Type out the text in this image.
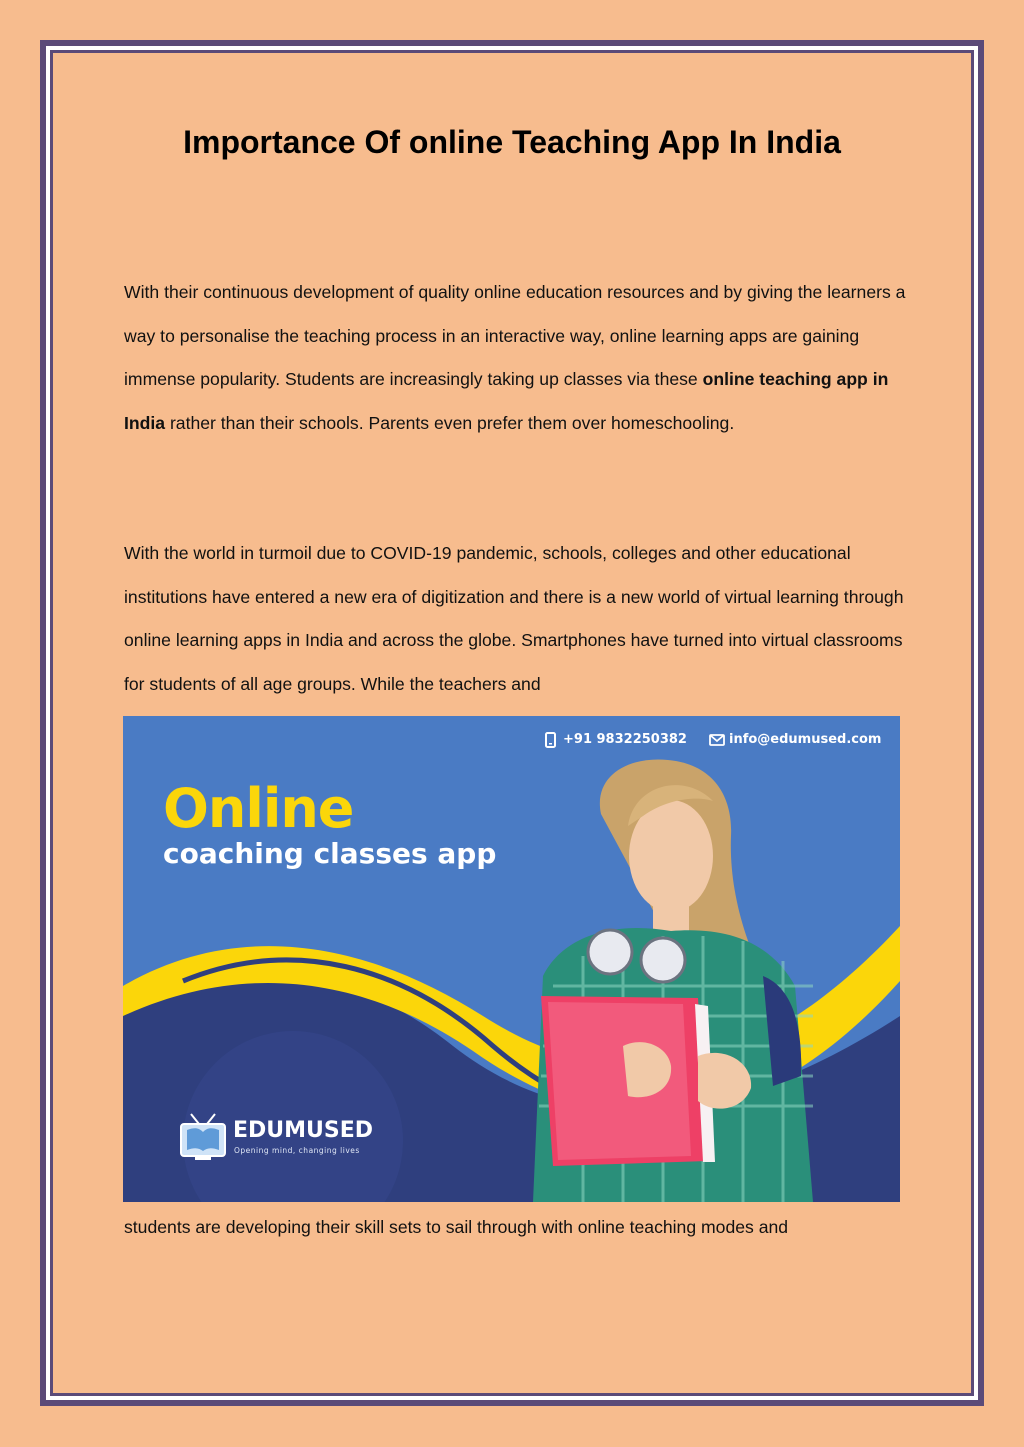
Importance Of online Teaching App In India

With their continuous development of quality online education resources and by giving the learners a way to personalise the teaching process in an interactive way, online learning apps are gaining immense popularity. Students are increasingly taking up classes via these online teaching app in India rather than their schools. Parents even prefer them over homeschooling.

With the world in turmoil due to COVID-19 pandemic, schools, colleges and other educational institutions have entered a new era of digitization and there is a new world of virtual learning through online learning apps in India and across the globe. Smartphones have turned into virtual classrooms for students of all age groups. While the teachers and

+91 9832250382	info@edumused.com
Online
coaching classes app
EDUMUSED
Opening mind, changing lives

students are developing their skill sets to sail through with online teaching modes and
